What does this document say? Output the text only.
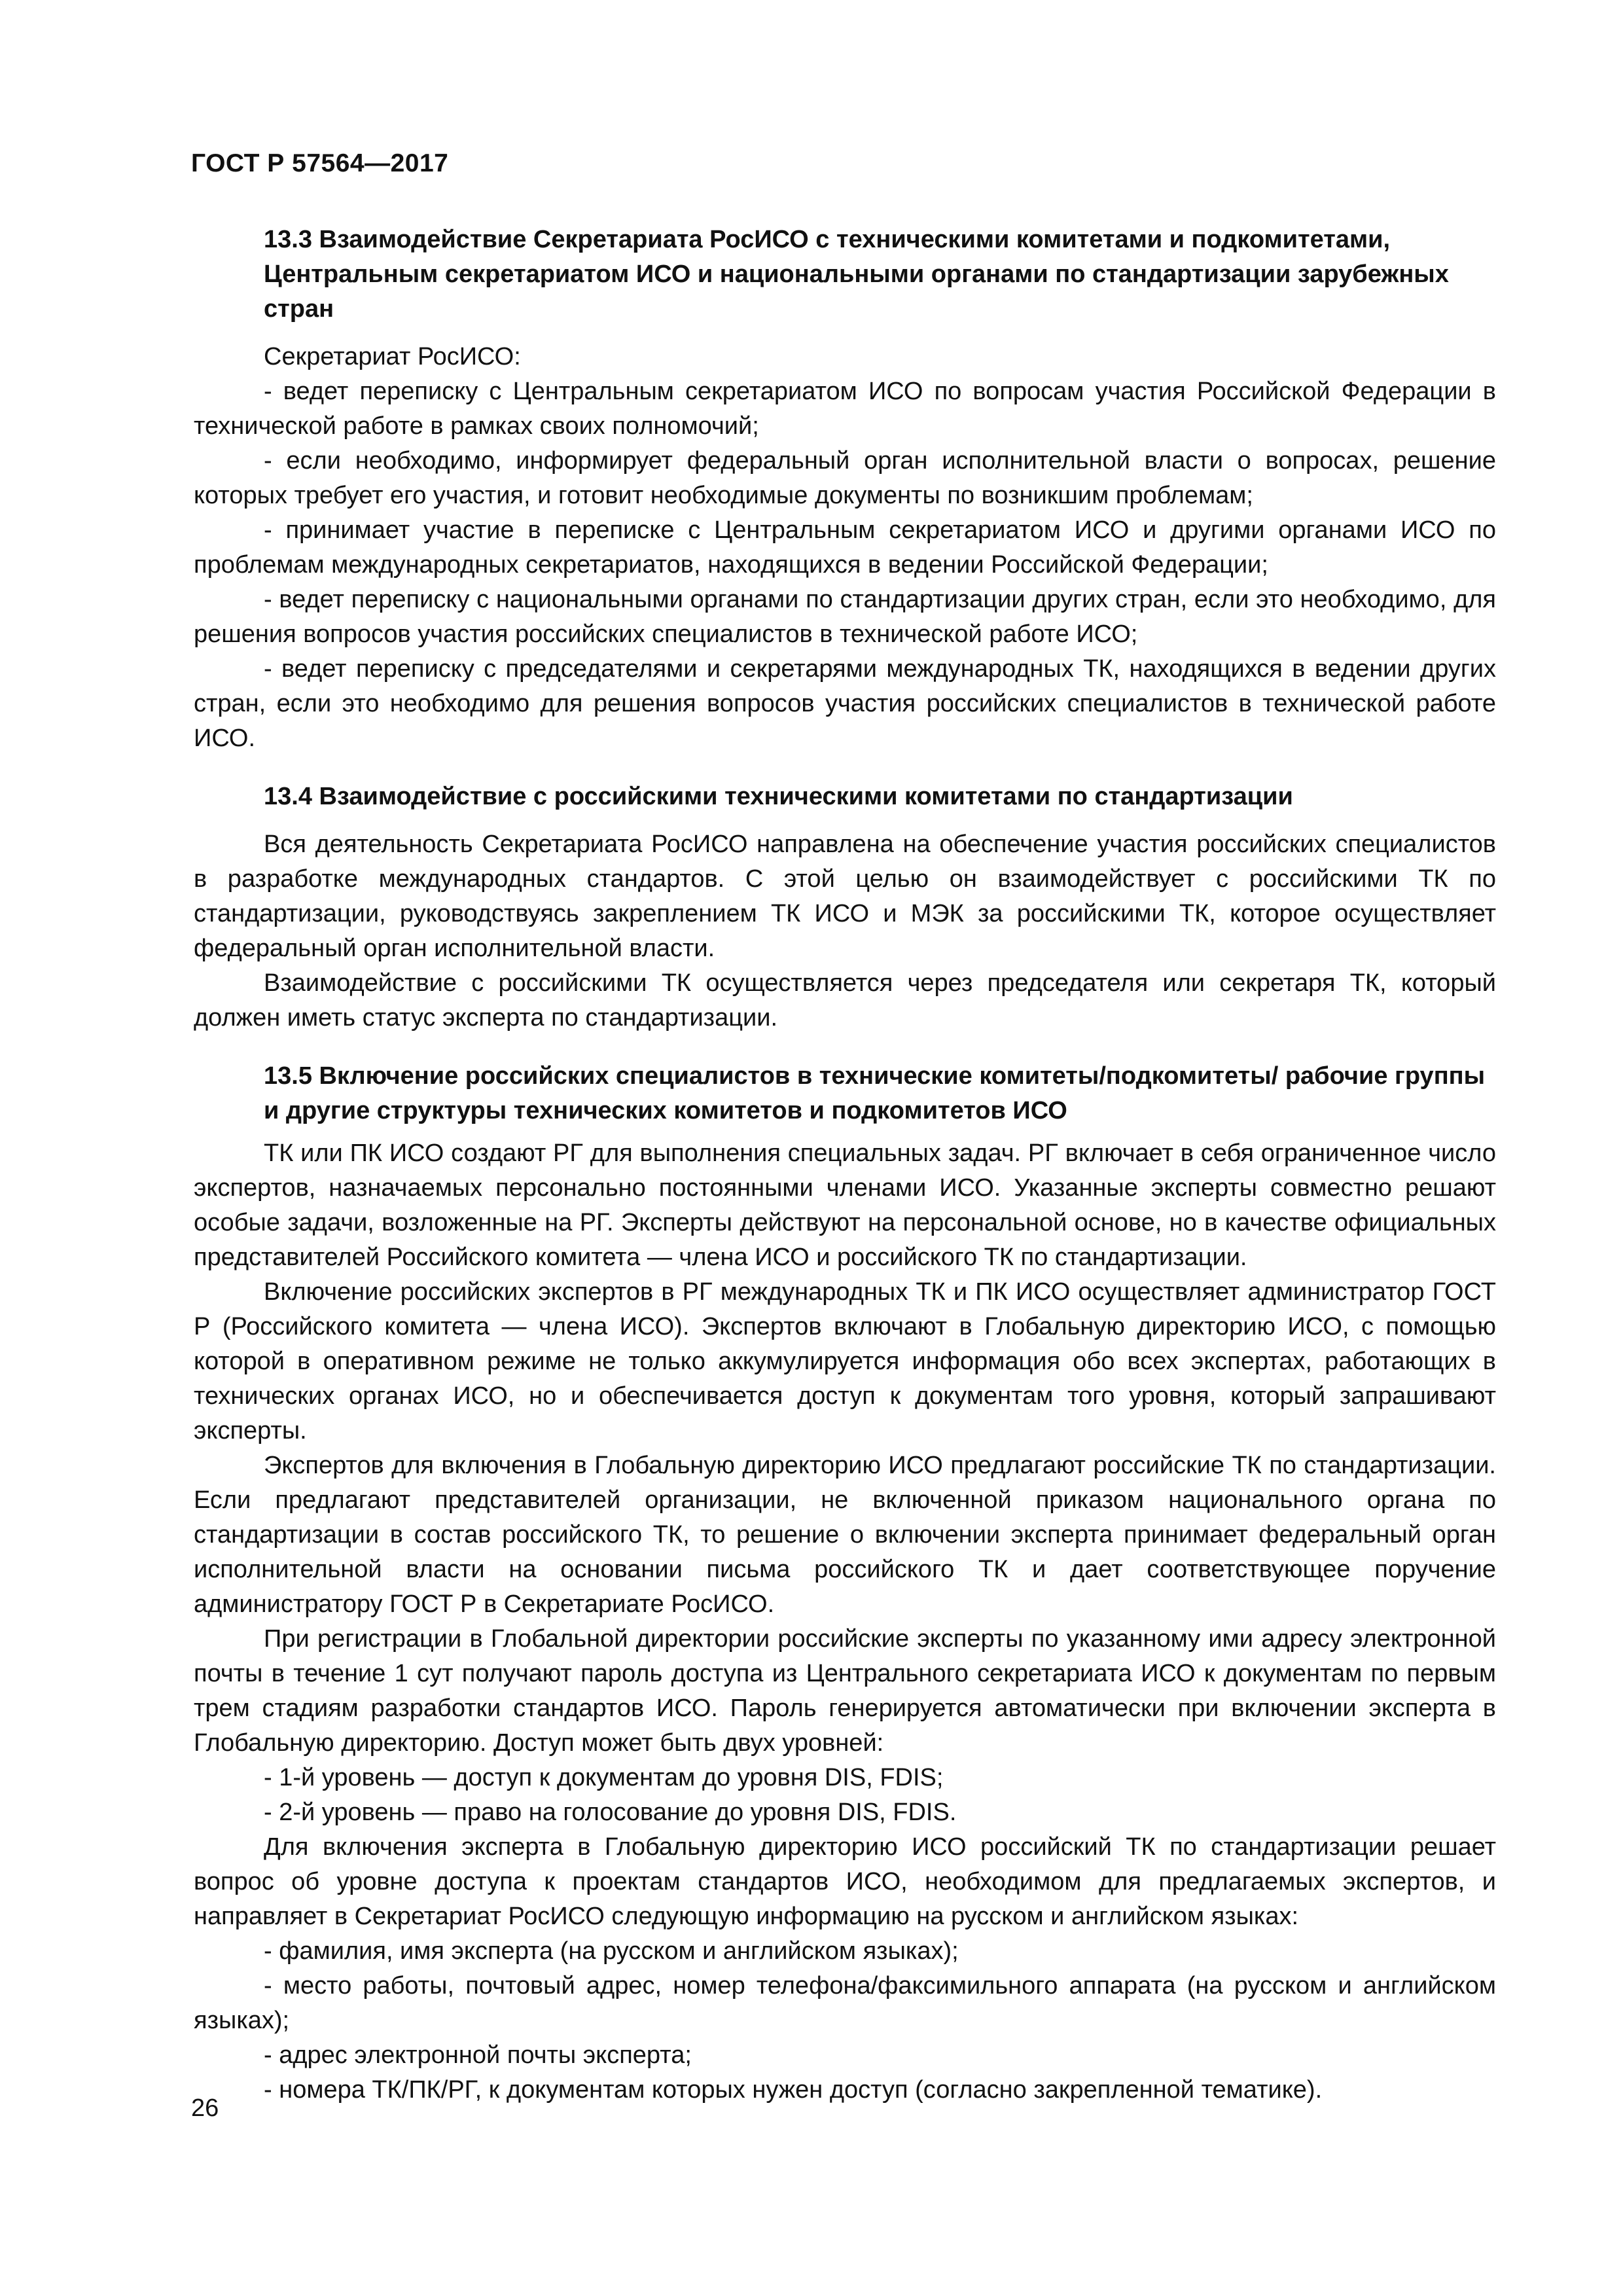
ГОСТ Р 57564—2017
13.3 Взаимодействие Секретариата РосИСО с техническими комитетами и подкомитетами, Центральным секретариатом ИСО и национальными органами по стандартизации зарубежных стран

Секретариат РосИСО:

- ведет переписку с Центральным секретариатом ИСО по вопросам участия Российской Федерации в технической работе в рамках своих полномочий;
- если необходимо, информирует федеральный орган исполнительной власти о вопросах, решение которых требует его участия, и готовит необходимые документы по возникшим проблемам;
- принимает участие в переписке с Центральным секретариатом ИСО и другими органами ИСО по проблемам международных секретариатов, находящихся в ведении Российской Федерации;
- ведет переписку с национальными органами по стандартизации других стран, если это необходимо, для решения вопросов участия российских специалистов в технической работе ИСО;
- ведет переписку с председателями и секретарями международных ТК, находящихся в ведении других стран, если это необходимо для решения вопросов участия российских специалистов в технической работе ИСО.
13.4 Взаимодействие с российскими техническими комитетами по стандартизации

Вся деятельность Секретариата РосИСО направлена на обеспечение участия российских специалистов в разработке международных стандартов. С этой целью он взаимодействует с российскими ТК по стандартизации, руководствуясь закреплением ТК ИСО и МЭК за российскими ТК, которое осуществляет федеральный орган исполнительной власти.

Взаимодействие с российскими ТК осуществляется через председателя или секретаря ТК, который должен иметь статус эксперта по стандартизации.

13.5 Включение российских специалистов в технические комитеты/подкомитеты/ рабочие группы и другие структуры технических комитетов и подкомитетов ИСО

ТК или ПК ИСО создают РГ для выполнения специальных задач. РГ включает в себя ограниченное число экспертов, назначаемых персонально постоянными членами ИСО. Указанные эксперты совместно решают особые задачи, возложенные на РГ. Эксперты действуют на персональной основе, но в качестве официальных представителей Российского комитета — члена ИСО и российского ТК по стандартизации.

Включение российских экспертов в РГ международных ТК и ПК ИСО осуществляет администратор ГОСТ Р (Российского комитета — члена ИСО). Экспертов включают в Глобальную директорию ИСО, с помощью которой в оперативном режиме не только аккумулируется информация обо всех экспертах, работающих в технических органах ИСО, но и обеспечивается доступ к документам того уровня, который запрашивают эксперты.

Экспертов для включения в Глобальную директорию ИСО предлагают российские ТК по стандартизации. Если предлагают представителей организации, не включенной приказом национального органа по стандартизации в состав российского ТК, то решение о включении эксперта принимает федеральный орган исполнительной власти на основании письма российского ТК и дает соответствующее поручение администратору ГОСТ Р в Секретариате РосИСО.

При регистрации в Глобальной директории российские эксперты по указанному ими адресу электронной почты в течение 1 сут получают пароль доступа из Центрального секретариата ИСО к документам по первым трем стадиям разработки стандартов ИСО. Пароль генерируется автоматически при включении эксперта в Глобальную директорию. Доступ может быть двух уровней:

- 1-й уровень — доступ к документам до уровня DIS, FDIS;
- 2-й уровень — право на голосование до уровня DIS, FDIS.

Для включения эксперта в Глобальную директорию ИСО российский ТК по стандартизации решает вопрос об уровне доступа к проектам стандартов ИСО, необходимом для предлагаемых экспертов, и направляет в Секретариат РосИСО следующую информацию на русском и английском языках:

- фамилия, имя эксперта (на русском и английском языках);
- место работы, почтовый адрес, номер телефона/факсимильного аппарата (на русском и английском языках);
- адрес электронной почты эксперта;
- номера ТК/ПК/РГ, к документам которых нужен доступ (согласно закрепленной тематике).
26
